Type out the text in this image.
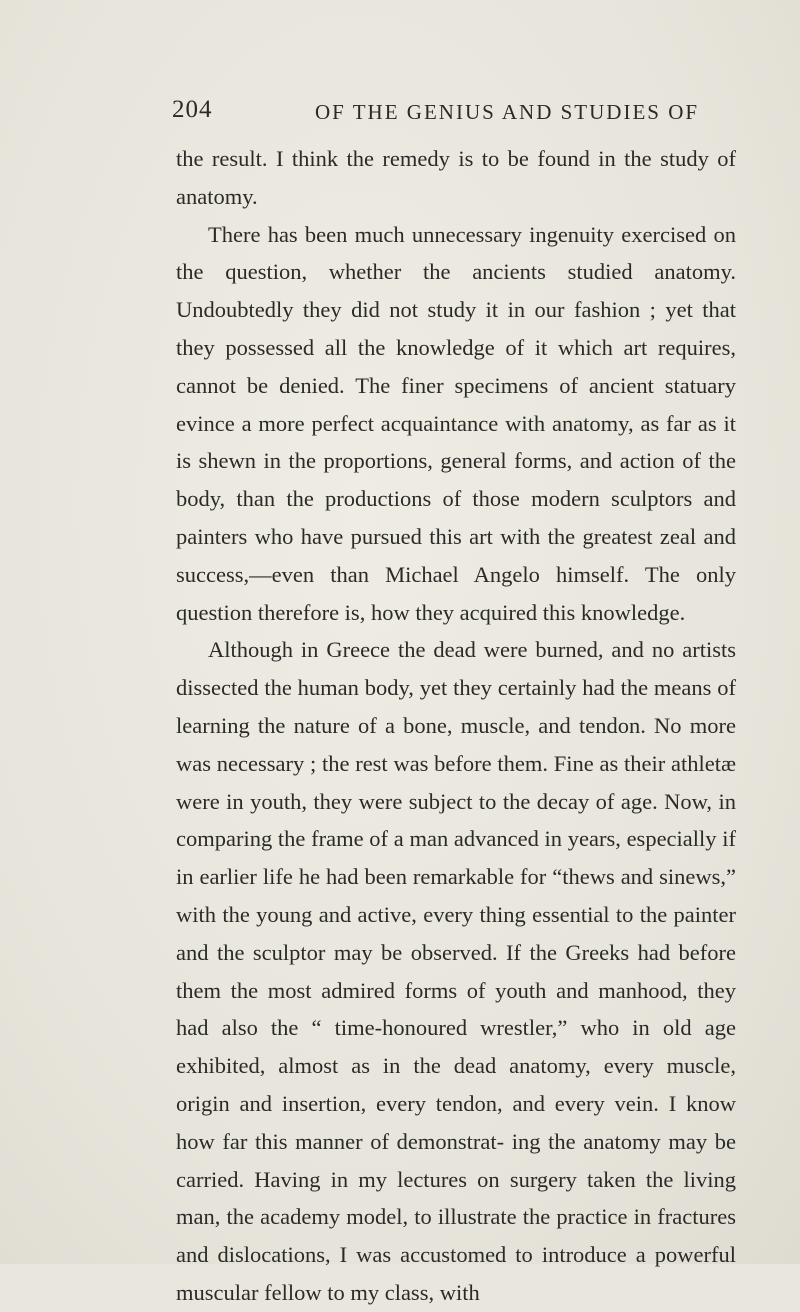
204	OF THE GENIUS AND STUDIES OF

the result. I think the remedy is to be found in the study of anatomy.

There has been much unnecessary ingenuity exercised on the question, whether the ancients studied anatomy. Undoubtedly they did not study it in our fashion ; yet that they possessed all the knowledge of it which art requires, cannot be denied. The finer specimens of ancient statuary evince a more perfect acquaintance with anatomy, as far as it is shewn in the proportions, general forms, and action of the body, than the productions of those modern sculptors and painters who have pursued this art with the greatest zeal and success,—even than Michael Angelo himself. The only question therefore is, how they acquired this knowledge.

Although in Greece the dead were burned, and no artists dissected the human body, yet they certainly had the means of learning the nature of a bone, muscle, and tendon. No more was necessary ; the rest was before them. Fine as their athletæ were in youth, they were subject to the decay of age. Now, in comparing the frame of a man advanced in years, especially if in earlier life he had been remarkable for “thews and sinews,” with the young and active, every thing essential to the painter and the sculptor may be observed. If the Greeks had before them the most admired forms of youth and manhood, they had also the “ time-honoured wrestler,” who in old age exhibited, almost as in the dead anatomy, every muscle, origin and insertion, every tendon, and every vein. I know how far this manner of demonstrat- ing the anatomy may be carried. Having in my lectures on surgery taken the living man, the academy model, to illustrate the practice in fractures and dislocations, I was accustomed to introduce a powerful muscular fellow to my class, with
